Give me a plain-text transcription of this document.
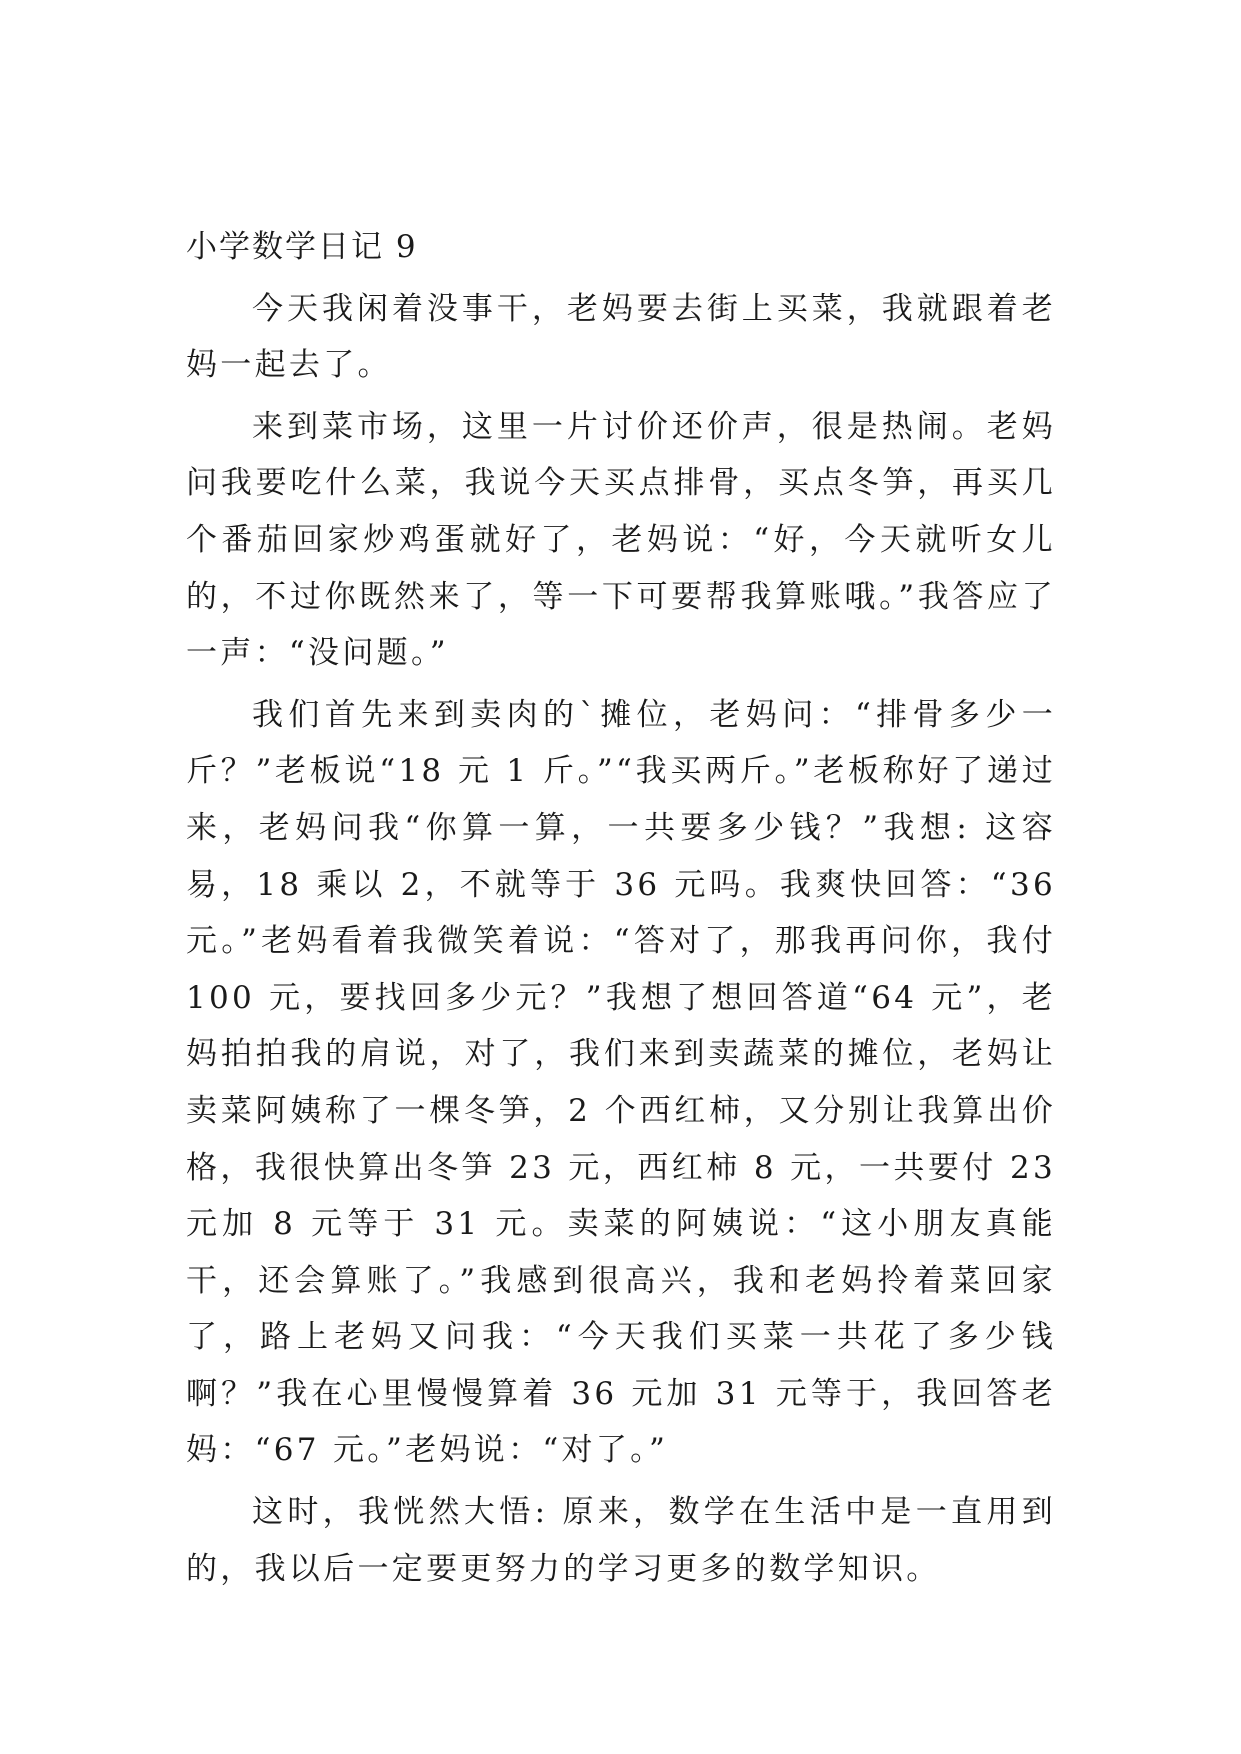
小学数学日记 9

今天我闲着没事干，老妈要去街上买菜，我就跟着老妈一起去了。

来到菜市场，这里一片讨价还价声，很是热闹。老妈问我要吃什么菜，我说今天买点排骨，买点冬笋，再买几个番茄回家炒鸡蛋就好了，老妈说：“好，今天就听女儿的，不过你既然来了，等一下可要帮我算账哦。”我答应了一声：“没问题。”

我们首先来到卖肉的`摊位，老妈问：“排骨多少一斤？”老板说“18 元 1 斤。”“我买两斤。”老板称好了递过来，老妈问我“你算一算，一共要多少钱？”我想: 这容易，18 乘以 2，不就等于 36 元吗。我爽快回答：“36 元。”老妈看着我微笑着说：“答对了，那我再问你，我付 100 元，要找回多少元？”我想了想回答道“64 元”，老妈拍拍我的肩说，对了，我们来到卖蔬菜的摊位，老妈让卖菜阿姨称了一棵冬笋，2 个西红柿，又分别让我算出价格，我很快算出冬笋 23 元，西红柿 8 元，一共要付 23 元加 8 元等于 31 元。卖菜的阿姨说：“这小朋友真能干，还会算账了。”我感到很高兴，我和老妈拎着菜回家了，路上老妈又问我：“今天我们买菜一共花了多少钱啊？”我在心里慢慢算着 36 元加 31 元等于，我回答老妈：“67 元。”老妈说：“对了。”

这时，我恍然大悟: 原来，数学在生活中是一直用到的，我以后一定要更努力的学习更多的数学知识。
